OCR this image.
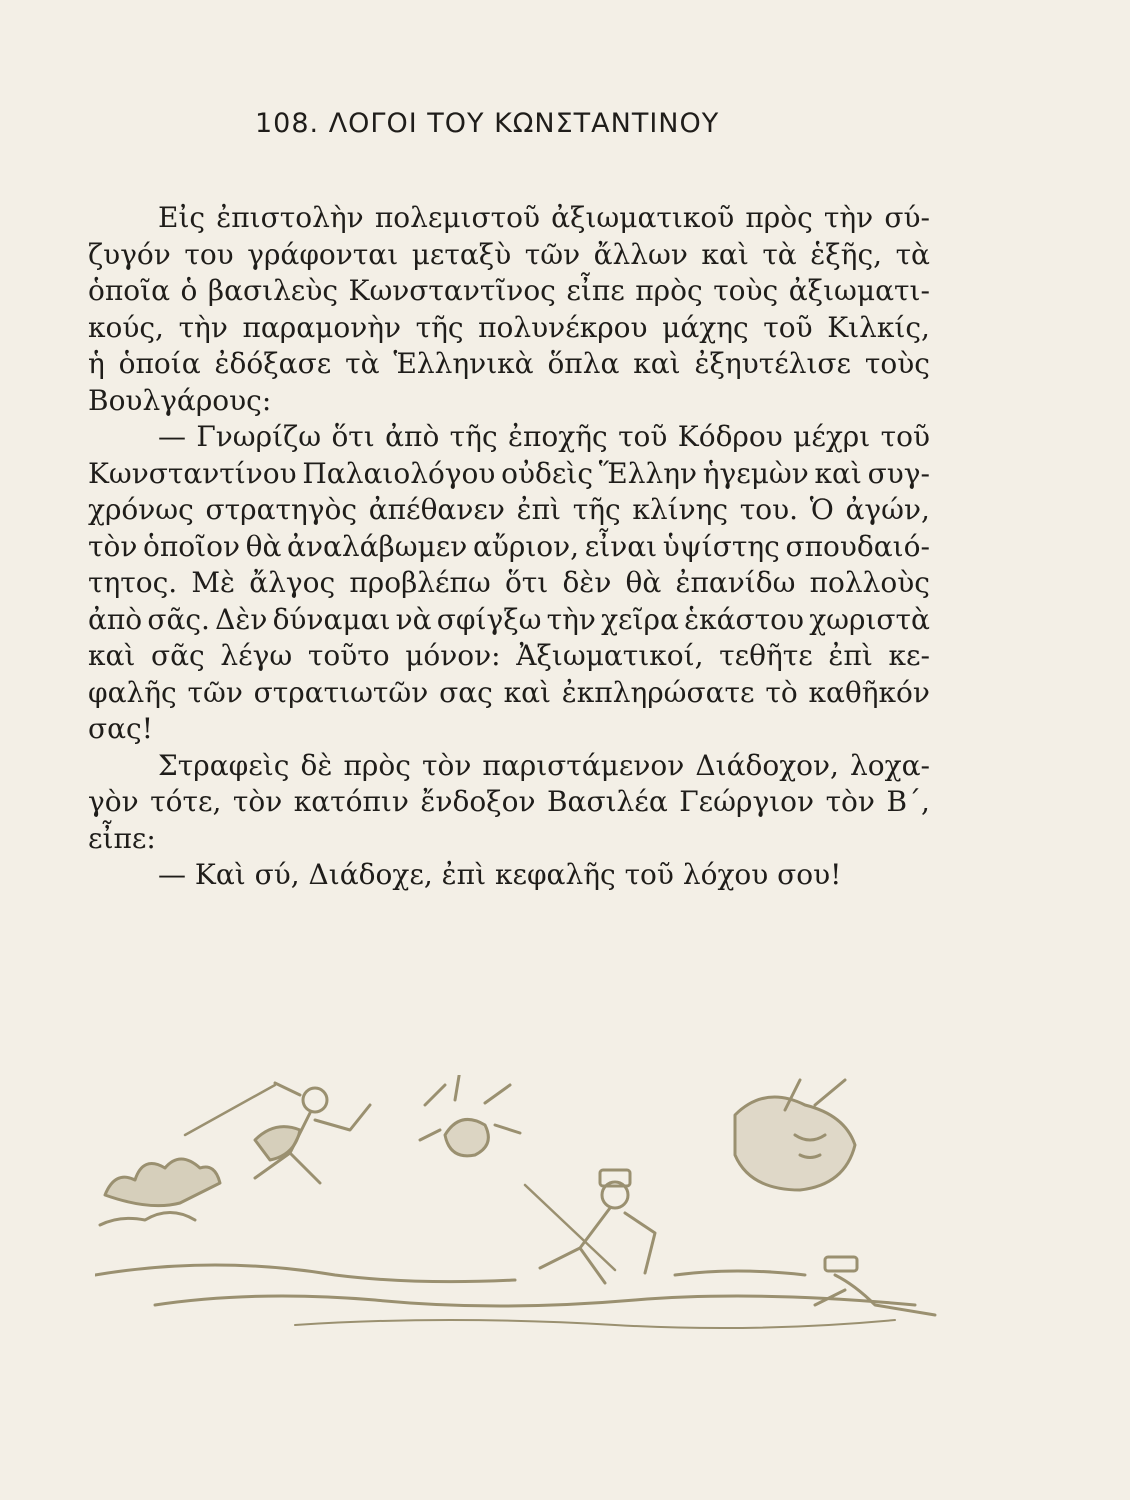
108. ΛΟΓΟΙ ΤΟΥ ΚΩΝΣΤΑΝΤΙΝΟΥ
Εἰς ἐπιστολὴν πολεμιστοῦ ἀξιωματικοῦ πρὸς τὴν σύ-
ζυγόν του γράφονται μεταξὺ τῶν ἄλλων καὶ τὰ ἑξῆς, τὰ
ὁποῖα ὁ βασιλεὺς Κωνσταντῖνος εἶπε πρὸς τοὺς ἀξιωματι-
κούς, τὴν παραμονὴν τῆς πολυνέκρου μάχης τοῦ Κιλκίς,
ἡ ὁποία ἐδόξασε τὰ Ἑλληνικὰ ὅπλα καὶ ἐξηυτέλισε τοὺς
Βουλγάρους:
— Γνωρίζω ὅτι ἀπὸ τῆς ἐποχῆς τοῦ Κόδρου μέχρι τοῦ
Κωνσταντίνου Παλαιολόγου οὐδεὶς Ἕλλην ἡγεμὼν καὶ συγ-
χρόνως στρατηγὸς ἀπέθανεν ἐπὶ τῆς κλίνης του. Ὁ ἀγών,
τὸν ὁποῖον θὰ ἀναλάβωμεν αὔριον, εἶναι ὑψίστης σπουδαιό-
τητος. Μὲ ἄλγος προβλέπω ὅτι δὲν θὰ ἐπανίδω πολλοὺς
ἀπὸ σᾶς. Δὲν δύναμαι νὰ σφίγξω τὴν χεῖρα ἑκάστου χωριστὰ
καὶ σᾶς λέγω τοῦτο μόνον: Ἀξιωματικοί, τεθῆτε ἐπὶ κε-
φαλῆς τῶν στρατιωτῶν σας καὶ ἐκπληρώσατε τὸ καθῆκόν
σας!
Στραφεὶς δὲ πρὸς τὸν παριστάμενον Διάδοχον, λοχα-
γὸν τότε, τὸν κατόπιν ἔνδοξον Βασιλέα Γεώργιον τὸν Β΄,
εἶπε:
— Καὶ σύ, Διάδοχε, ἐπὶ κεφαλῆς τοῦ λόχου σου!
